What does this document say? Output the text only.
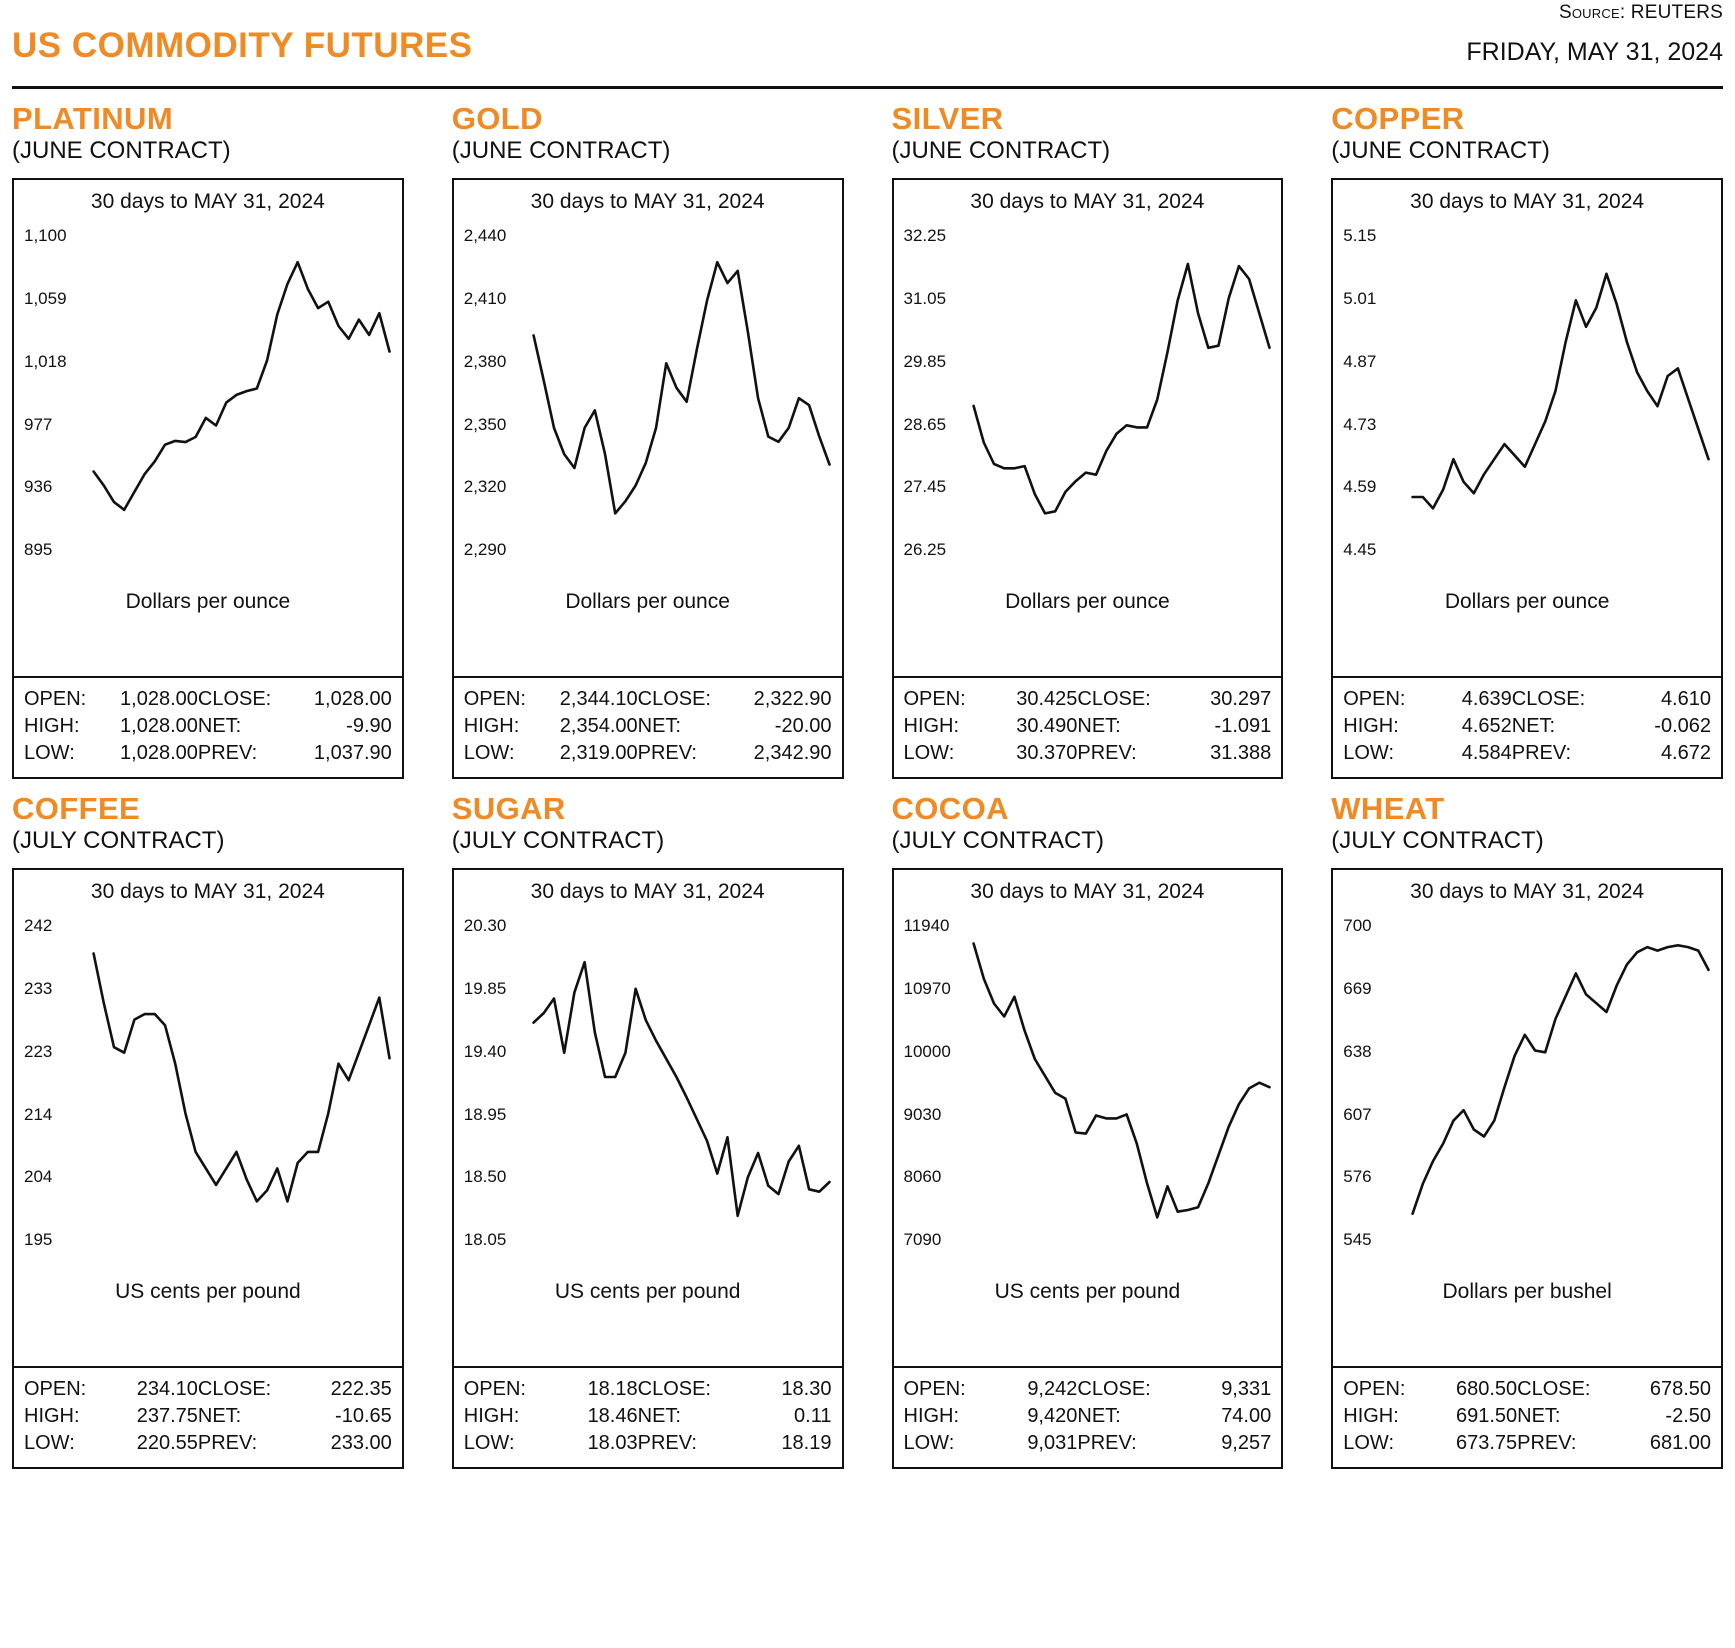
Source: REUTERS
US COMMODITY FUTURES	FRIDAY, MAY 31, 2024
PLATINUM
(JUNE CONTRACT)
30 days to MAY 31, 2024
1,100
1,059
1,018
977
936
895
Dollars per ounce
OPEN:	1,028.00	CLOSE:	1,028.00
HIGH:	1,028.00	NET:	-9.90
LOW:	1,028.00	PREV:	1,037.90
GOLD
(JUNE CONTRACT)
30 days to MAY 31, 2024
2,440
2,410
2,380
2,350
2,320
2,290
Dollars per ounce
OPEN:	2,344.10	CLOSE:	2,322.90
HIGH:	2,354.00	NET:	-20.00
LOW:	2,319.00	PREV:	2,342.90
SILVER
(JUNE CONTRACT)
30 days to MAY 31, 2024
32.25
31.05
29.85
28.65
27.45
26.25
Dollars per ounce
OPEN:	30.425	CLOSE:	30.297
HIGH:	30.490	NET:	-1.091
LOW:	30.370	PREV:	31.388
COPPER
(JUNE CONTRACT)
30 days to MAY 31, 2024
5.15
5.01
4.87
4.73
4.59
4.45
Dollars per ounce
OPEN:	4.639	CLOSE:	4.610
HIGH:	4.652	NET:	-0.062
LOW:	4.584	PREV:	4.672
COFFEE
(JULY CONTRACT)
30 days to MAY 31, 2024
242
233
223
214
204
195
US cents per pound
OPEN:	234.10	CLOSE:	222.35
HIGH:	237.75	NET:	-10.65
LOW:	220.55	PREV:	233.00
SUGAR
(JULY CONTRACT)
30 days to MAY 31, 2024
20.30
19.85
19.40
18.95
18.50
18.05
US cents per pound
OPEN:	18.18	CLOSE:	18.30
HIGH:	18.46	NET:	0.11
LOW:	18.03	PREV:	18.19
COCOA
(JULY CONTRACT)
30 days to MAY 31, 2024
11940
10970
10000
9030
8060
7090
US cents per pound
OPEN:	9,242	CLOSE:	9,331
HIGH:	9,420	NET:	74.00
LOW:	9,031	PREV:	9,257
WHEAT
(JULY CONTRACT)
30 days to MAY 31, 2024
700
669
638
607
576
545
Dollars per bushel
OPEN:	680.50	CLOSE:	678.50
HIGH:	691.50	NET:	-2.50
LOW:	673.75	PREV:	681.00
